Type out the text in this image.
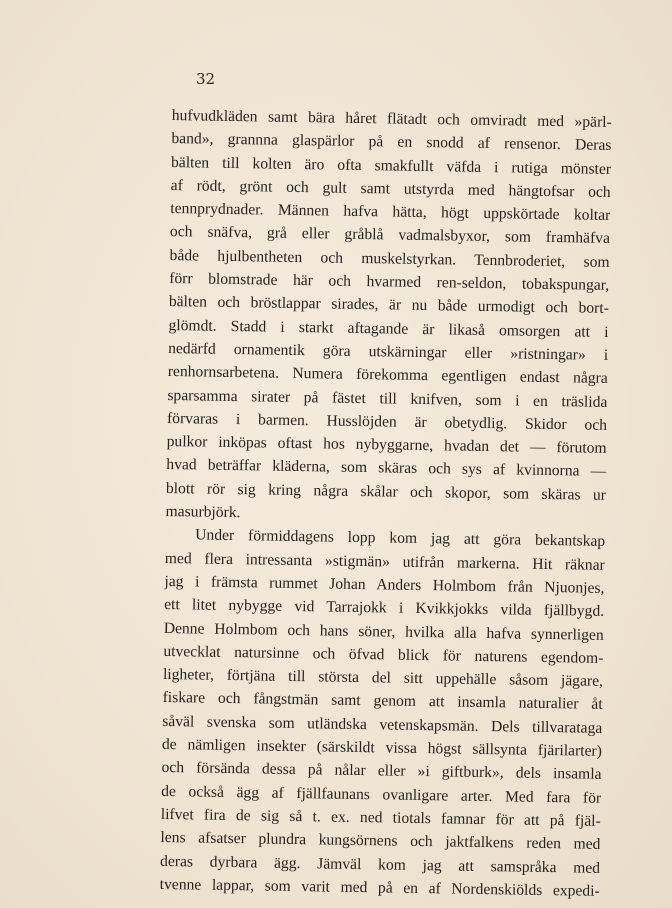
32
hufvudkläden samt bära håret flätadt och omviradt med »pärl-
band», grannna glaspärlor på en snodd af rensenor. Deras
bälten till kolten äro ofta smakfullt väfda i rutiga mönster
af rödt, grönt och gult samt utstyrda med hängtofsar och
tennprydnader. Männen hafva hätta, högt uppskörtade koltar
och snäfva, grå eller gråblå vadmalsbyxor, som framhäfva
både hjulbentheten och muskelstyrkan. Tennbroderiet, som
förr blomstrade här och hvarmed ren-seldon, tobakspungar,
bälten och bröstlappar sirades, är nu både urmodigt och bort-
glömdt. Stadd i starkt aftagande är likaså omsorgen att i
nedärfd ornamentik göra utskärningar eller »ristningar» i
renhornsarbetena. Numera förekomma egentligen endast några
sparsamma sirater på fästet till knifven, som i en träslida
förvaras i barmen. Husslöjden är obetydlig. Skidor och
pulkor inköpas oftast hos nybyggarne, hvadan det — förutom
hvad beträffar kläderna, som skäras och sys af kvinnorna —
blott rör sig kring några skålar och skopor, som skäras ur
masurbjörk.
Under förmiddagens lopp kom jag att göra bekantskap
med flera intressanta »stigmän» utifrån markerna. Hit räknar
jag i främsta rummet Johan Anders Holmbom från Njuonjes,
ett litet nybygge vid Tarrajokk i Kvikkjokks vilda fjällbygd.
Denne Holmbom och hans söner, hvilka alla hafva synnerligen
utvecklat natursinne och öfvad blick för naturens egendom-
ligheter, förtjäna till största del sitt uppehälle såsom jägare,
fiskare och fångstmän samt genom att insamla naturalier åt
såväl svenska som utländska vetenskapsmän. Dels tillvarataga
de nämligen insekter (särskildt vissa högst sällsynta fjärilarter)
och försända dessa på nålar eller »i giftburk», dels insamla
de också ägg af fjällfaunans ovanligare arter. Med fara för
lifvet fira de sig så t. ex. ned tiotals famnar för att på fjäl-
lens afsatser plundra kungsörnens och jaktfalkens reden med
deras dyrbara ägg. Jämväl kom jag att samspråka med
tvenne lappar, som varit med på en af Nordenskiölds expedi-
